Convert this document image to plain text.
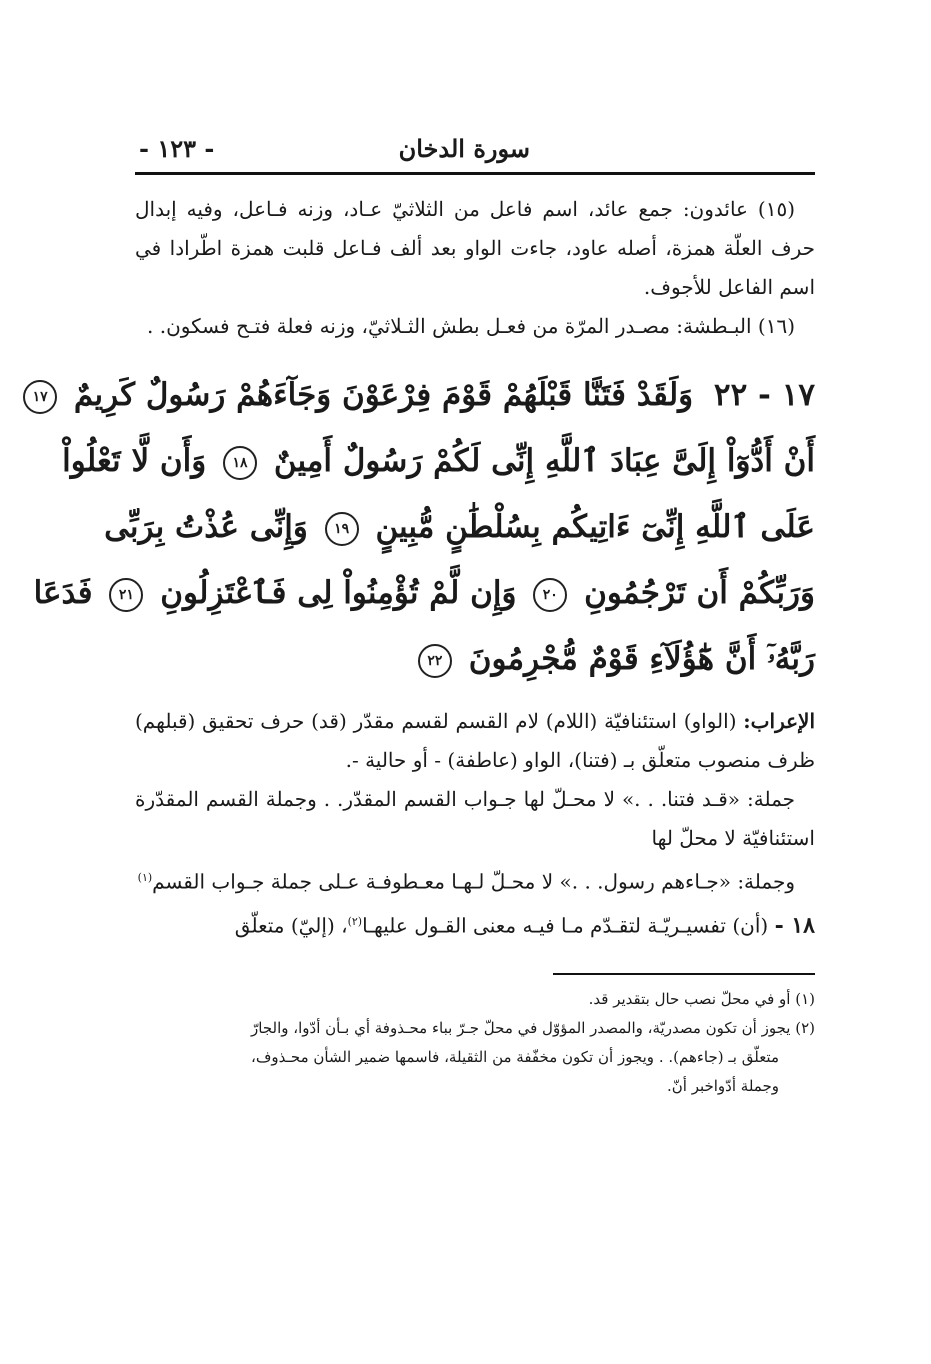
سورة الدخان
- ١٢٣ -

(١٥) عائدون: جمع عائد، اسم فاعل من الثلاثيّ عـاد، وزنه فـاعل، وفيه إبدال حرف العلّة همزة، أصله عاود، جاءت الواو بعد ألف فـاعل قلبت همزة اطّرادا في اسم الفاعل للأجوف.

(١٦) البـطشة: مصـدر المرّة من فعـل بطش الثـلاثيّ، وزنه فعلة فتـح فسكون. .

١٧ - ٢٢ وَلَقَدْ فَتَنَّا قَبْلَهُمْ قَوْمَ فِرْعَوْنَ وَجَآءَهُمْ رَسُولٌ كَرِيمٌ ١٧
أَنْ أَدُّوٓاْ إِلَىَّ عِبَادَ ٱللَّهِ إِنِّى لَكُمْ رَسُولٌ أَمِينٌ ١٨ وَأَن لَّا تَعْلُواْ
عَلَى ٱللَّهِ إِنِّىٓ ءَاتِيكُم بِسُلْطَٰنٍ مُّبِينٍ ١٩ وَإِنِّى عُذْتُ بِرَبِّى
وَرَبِّكُمْ أَن تَرْجُمُونِ ٢٠ وَإِن لَّمْ تُؤْمِنُواْ لِى فَٱعْتَزِلُونِ ٢١ فَدَعَا
رَبَّهُۥٓ أَنَّ هَٰٓؤُلَآءِ قَوْمٌ مُّجْرِمُونَ ٢٢

الإعراب: (الواو) استئنافيّة (اللام) لام القسم لقسم مقدّر (قد) حرف تحقيق (قبلهم) ظرف منصوب متعلّق بـ (فتنا)، الواو (عاطفة) - أو حالية -.

جملة: «قـد فتنا. . .» لا محـلّ لها جـواب القسم المقدّر. . وجملة القسم المقدّرة استئنافيّة لا محلّ لها

وجملة: «جـاءهم رسول. . .» لا محـلّ لـهـا معـطوفـة عـلى جملة جـواب القسم$^{(١)}$

١٨ - (أن) تفسيـريّـة لتقـدّم مـا فيـه معنى القـول عليهـا$^{(٢)}$، (إليّ) متعلّق

(١) أو في محلّ نصب حال بتقدير قد.
(٢) يجوز أن تكون مصدريّة، والمصدر المؤوّل في محلّ جـرّ بباء محـذوفة أي بـأن أدّوا، والجارّ
متعلّق بـ (جاءهم). . ويجوز أن تكون مخفّفة من الثقيلة، فاسمها ضمير الشأن محـذوف،
وجملة أدّواخبر أنّ.
